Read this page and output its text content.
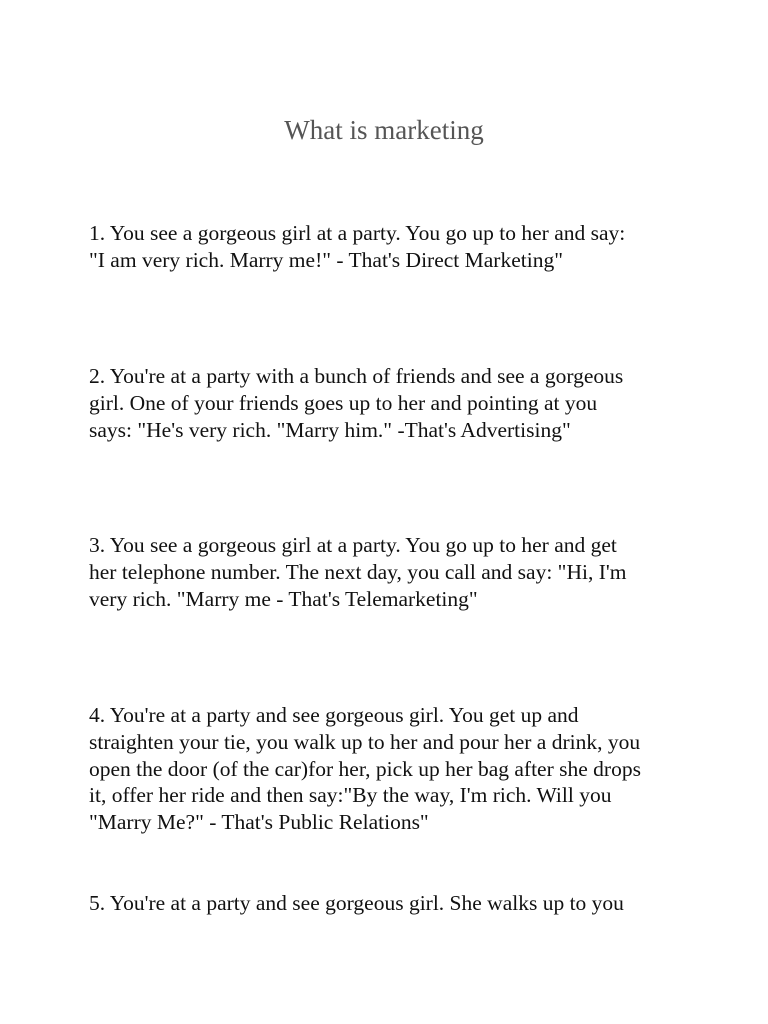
What is marketing

1. You see a gorgeous girl at a party. You go up to her and say:
"I am very rich. Marry me!" - That's Direct Marketing"

2. You're at a party with a bunch of friends and see a gorgeous
girl. One of your friends goes up to her and pointing at you
says: "He's very rich. "Marry him." -That's Advertising"

3. You see a gorgeous girl at a party. You go up to her and get
her telephone number. The next day, you call and say: "Hi, I'm
very rich. "Marry me - That's Telemarketing"

4. You're at a party and see gorgeous girl. You get up and
straighten your tie, you walk up to her and pour her a drink, you
open the door (of the car)for her, pick up her bag after she drops
it, offer her ride and then say:"By the way, I'm rich. Will you
"Marry Me?" - That's Public Relations"

5. You're at a party and see gorgeous girl. She walks up to you
